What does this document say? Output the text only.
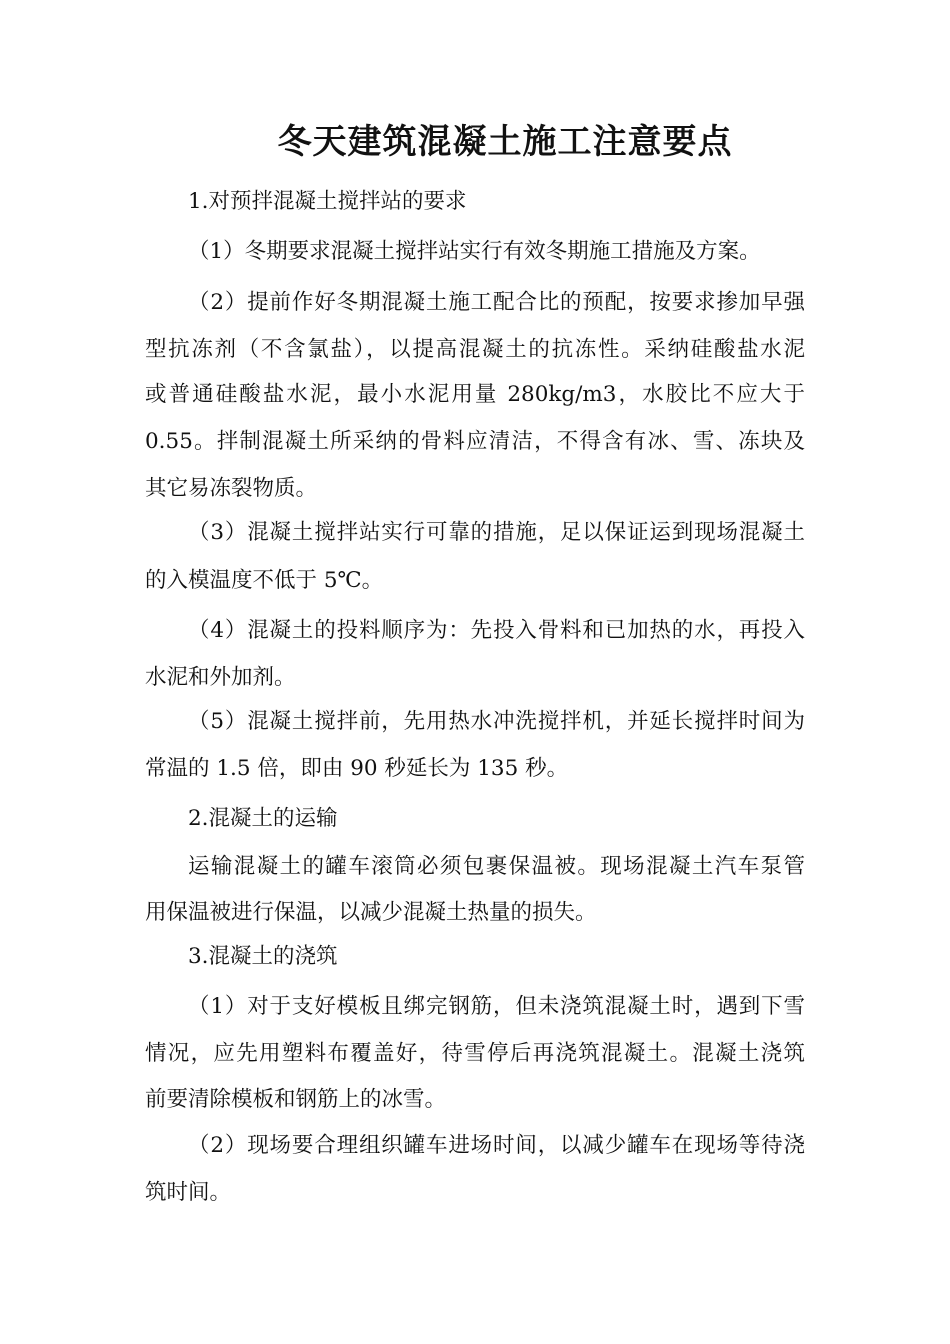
冬天建筑混凝土施工注意要点
1.对预拌混凝土搅拌站的要求
（1）冬期要求混凝土搅拌站实行有效冬期施工措施及方案。
（2）提前作好冬期混凝土施工配合比的预配，按要求掺加早强
型抗冻剂（不含氯盐），以提高混凝土的抗冻性。采纳硅酸盐水泥
或普通硅酸盐水泥，最小水泥用量 280kg/m3，水胶比不应大于
0.55。拌制混凝土所采纳的骨料应清洁，不得含有冰、雪、冻块及
其它易冻裂物质。
（3）混凝土搅拌站实行可靠的措施，足以保证运到现场混凝土
的入模温度不低于 5℃。
（4）混凝土的投料顺序为：先投入骨料和已加热的水，再投入
水泥和外加剂。
（5）混凝土搅拌前，先用热水冲洗搅拌机，并延长搅拌时间为
常温的 1.5 倍，即由 90 秒延长为 135 秒。
2.混凝土的运输
运输混凝土的罐车滚筒必须包裹保温被。现场混凝土汽车泵管
用保温被进行保温，以减少混凝土热量的损失。
3.混凝土的浇筑
（1）对于支好模板且绑完钢筋，但未浇筑混凝土时，遇到下雪
情况，应先用塑料布覆盖好，待雪停后再浇筑混凝土。混凝土浇筑
前要清除模板和钢筋上的冰雪。
（2）现场要合理组织罐车进场时间，以减少罐车在现场等待浇
筑时间。
